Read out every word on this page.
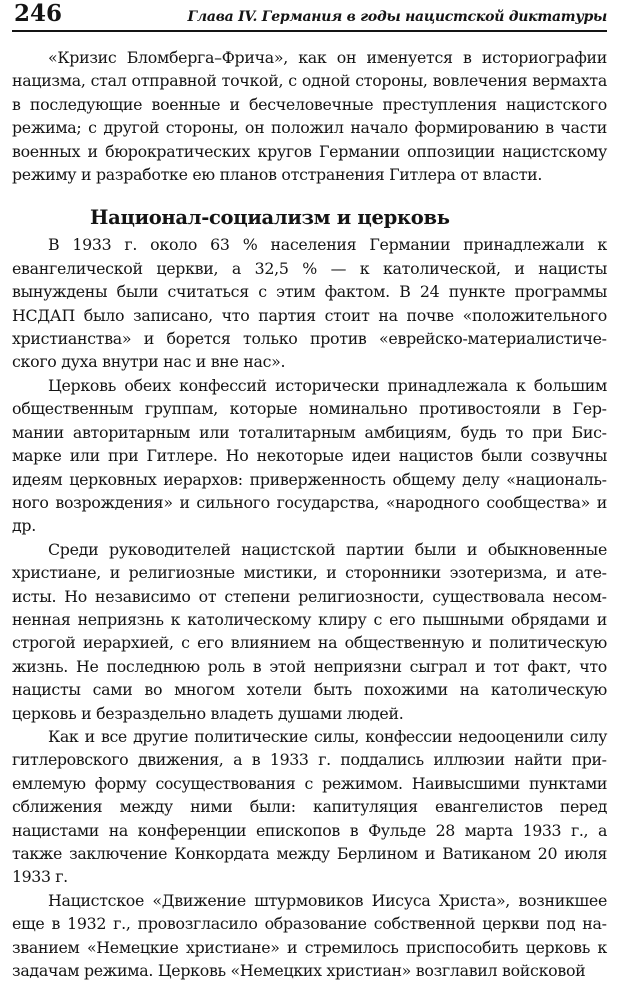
246	Глава IV. Германия в годы нацистской диктатуры

«Кризис Бломберга–Фрича», как он именуется в историографии нацизма, стал отправной точкой, с одной стороны, вовлечения вермахта в последующие военные и бесчеловечные преступления нацистского режима; с другой стороны, он положил начало формированию в части военных и бюрократических кругов Германии оппозиции нацистскому режиму и разработке ею планов отстранения Гитлера от власти.

Национал-социализм и церковь

В 1933 г. около 63 % населения Германии принадлежали к евангелической церкви, а 32,5 % — к католической, и нацисты вынуждены были считаться с этим фактом. В 24 пункте программы НСДАП было записано, что партия стоит на почве «положительного христианства» и борется только против «еврейско-материалистического духа внутри нас и вне нас».

Церковь обеих конфессий исторически принадлежала к большим общественным группам, которые номинально противостояли в Германии авторитарным или тоталитарным амбициям, будь то при Бисмарке или при Гитлере. Но некоторые идеи нацистов были созвучны идеям церковных иерархов: приверженность общему делу «национального возрождения» и сильного государства, «народного сообщества» и др.

Среди руководителей нацистской партии были и обыкновенные христиане, и религиозные мистики, и сторонники эзотеризма, и атеисты. Но независимо от степени религиозности, существовала несомненная неприязнь к католическому клиру с его пышными обрядами и строгой иерархией, с его влиянием на общественную и политическую жизнь. Не последнюю роль в этой неприязни сыграл и тот факт, что нацисты сами во многом хотели быть похожими на католическую церковь и безраздельно владеть душами людей.

Как и все другие политические силы, конфессии недооценили силу гитлеровского движения, а в 1933 г. поддались иллюзии найти приемлемую форму сосуществования с режимом. Наивысшими пунктами сближения между ними были: капитуляция евангелистов перед нацистами на конференции епископов в Фульде 28 марта 1933 г., а также заключение Конкордата между Берлином и Ватиканом 20 июля 1933 г.

Нацистское «Движение штурмовиков Иисуса Христа», возникшее еще в 1932 г., провозгласило образование собственной церкви под названием «Немецкие христиане» и стремилось приспособить церковь к задачам режима. Церковь «Немецких христиан» возглавил войсковой
